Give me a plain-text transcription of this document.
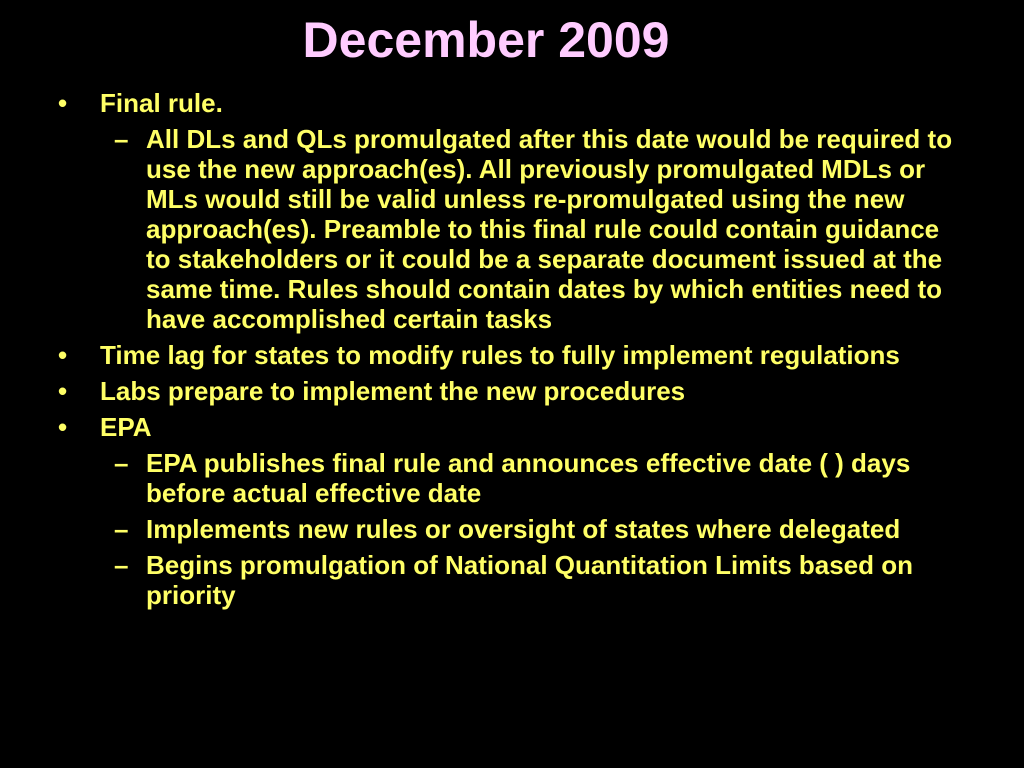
December 2009
• Final rule.
– All DLs and QLs promulgated after this date would be required to use the new approach(es). All previously promulgated MDLs or MLs would still be valid unless re-promulgated using the new approach(es). Preamble to this final rule could contain guidance to stakeholders or it could be a separate document issued at the same time. Rules should contain dates by which entities need to have accomplished certain tasks
• Time lag for states to modify rules to fully implement regulations
• Labs prepare to implement the new procedures
• EPA
– EPA publishes final rule and announces effective date ( ) days before actual effective date
– Implements new rules or oversight of states where delegated
– Begins promulgation of National Quantitation Limits based on priority
